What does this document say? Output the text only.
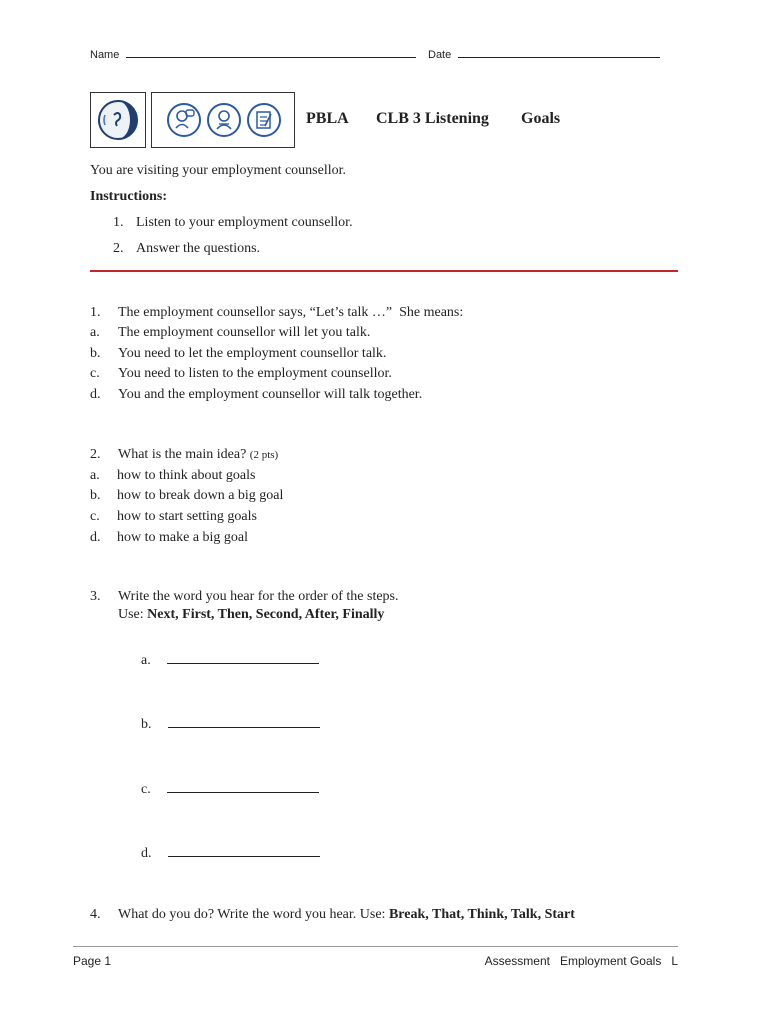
Name	Date
PBLA CLB 3 Listening Goals
You are visiting your employment counsellor.
Instructions:
1. Listen to your employment counsellor.
2. Answer the questions.
1. The employment counsellor says, “Let’s talk …”  She means:
a. The employment counsellor will let you talk.
b. You need to let the employment counsellor talk.
c. You need to listen to the employment counsellor.
d. You and the employment counsellor will talk together.
2. What is the main idea? (2 pts)
a. how to think about goals
b. how to break down a big goal
c. how to start setting goals
d. how to make a big goal
3. Write the word you hear for the order of the steps.
Use: Next, First, Then, Second, After, Finally
a.
b.
c.
d.
4. What do you do? Write the word you hear. Use: Break, That, Think, Talk, Start
Page 1	Assessment   Employment Goals   L
